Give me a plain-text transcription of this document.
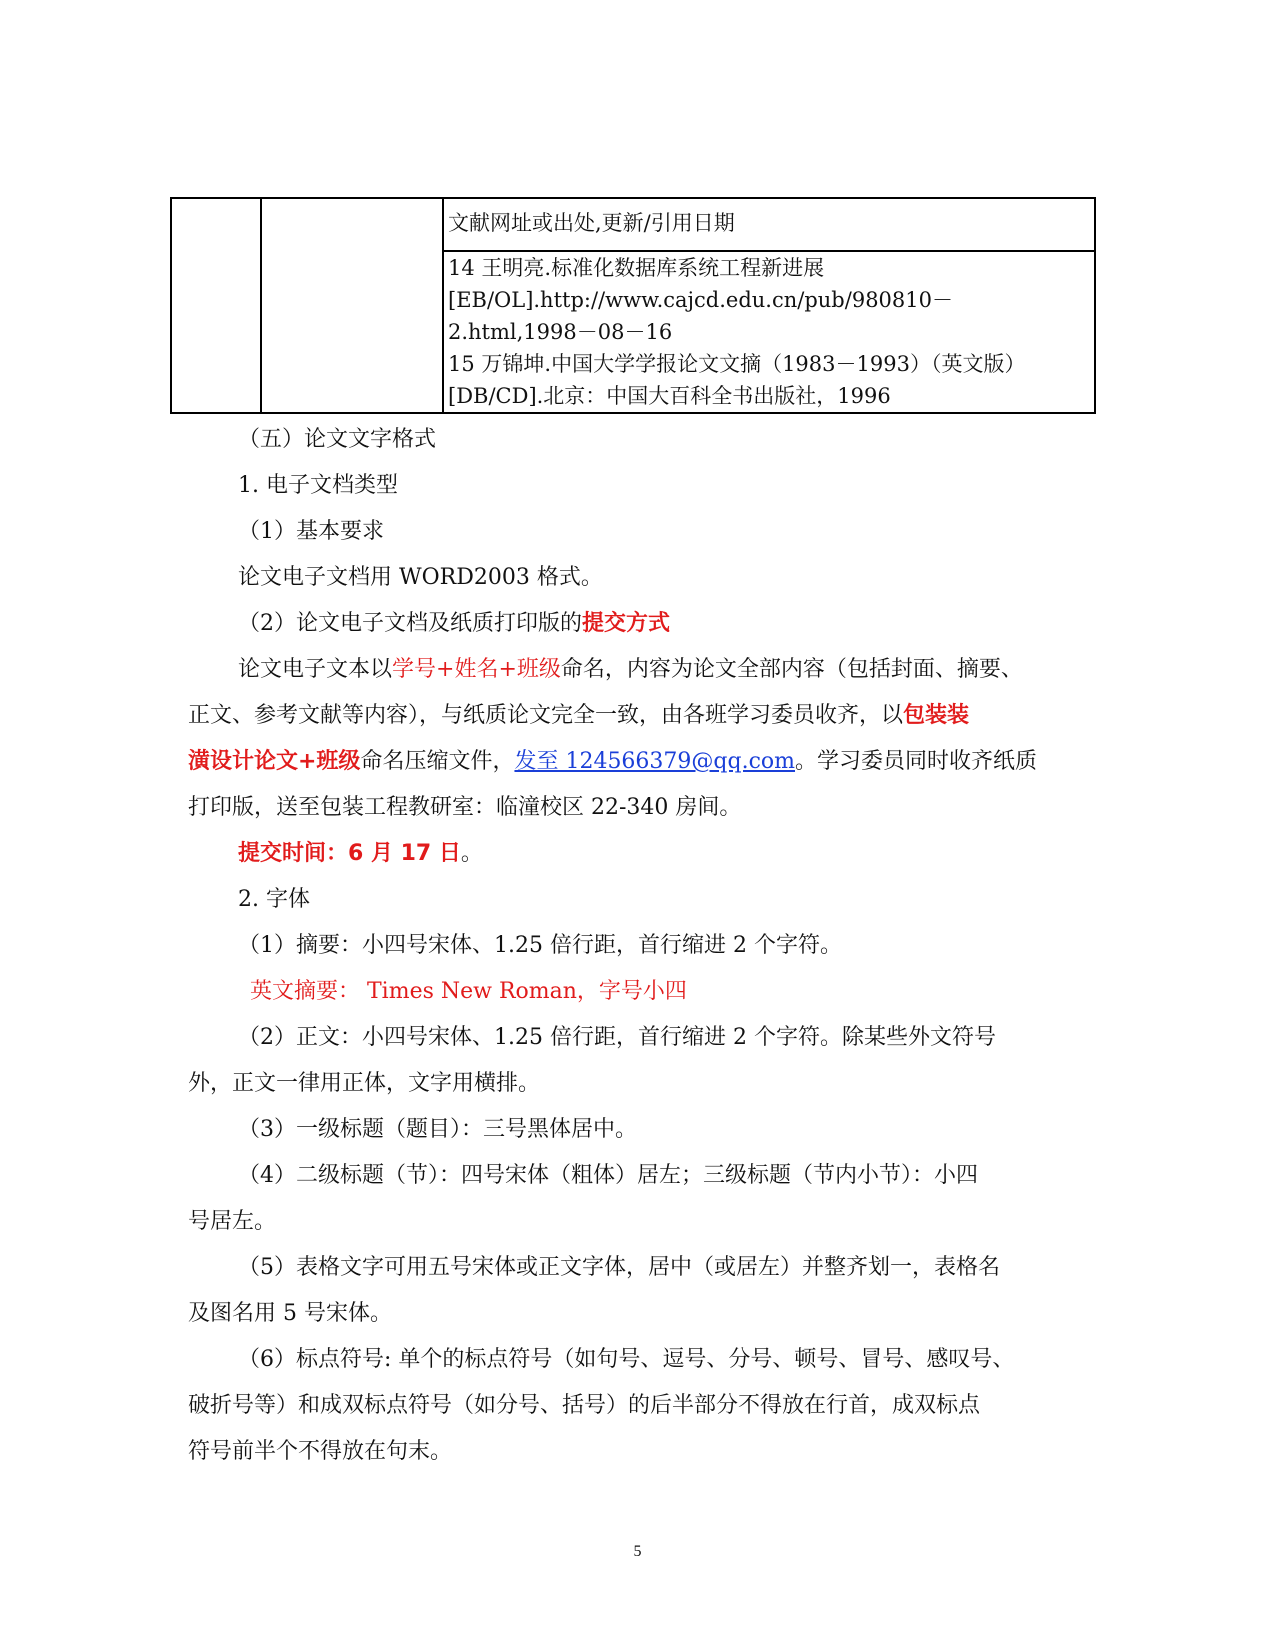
文献网址或出处,更新/引用日期

14 王明亮.标准化数据库系统工程新进展
[EB/OL].http://www.cajcd.edu.cn/pub/980810－
2.html,1998－08－16
15 万锦坤.中国大学学报论文文摘（1983－1993）（英文版）
[DB/CD].北京：中国大百科全书出版社，1996
（五）论文文字格式
1. 电子文档类型
（1）基本要求
论文电子文档用 WORD2003 格式。
（2）论文电子文档及纸质打印版的提交方式
论文电子文本以学号+姓名+班级命名，内容为论文全部内容（包括封面、摘要、
正文、参考文献等内容），与纸质论文完全一致，由各班学习委员收齐，以包装装
潢设计论文+班级命名压缩文件，发至 124566379@qq.com。学习委员同时收齐纸质
打印版，送至包装工程教研室：临潼校区 22-340 房间。
提交时间：6 月 17 日。
2. 字体
（1）摘要：小四号宋体、1.25 倍行距，首行缩进 2 个字符。
英文摘要： Times New Roman，字号小四
（2）正文：小四号宋体、1.25 倍行距，首行缩进 2 个字符。除某些外文符号
外，正文一律用正体，文字用横排。
（3）一级标题（题目）：三号黑体居中。
（4）二级标题（节）：四号宋体（粗体）居左；三级标题（节内小节）：小四
号居左。
（5）表格文字可用五号宋体或正文字体，居中（或居左）并整齐划一，表格名
及图名用 5 号宋体。
（6）标点符号: 单个的标点符号（如句号、逗号、分号、顿号、冒号、感叹号、
破折号等）和成双标点符号（如分号、括号）的后半部分不得放在行首，成双标点
符号前半个不得放在句末。
5
